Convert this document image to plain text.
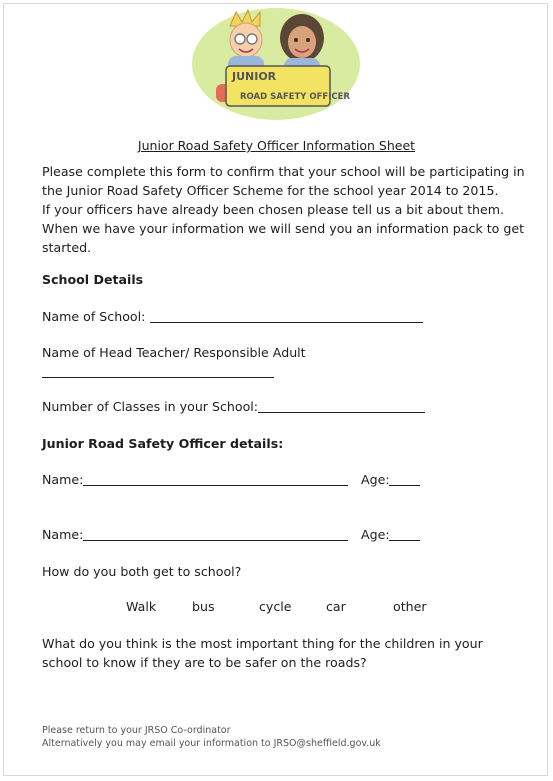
JUNIOR
ROAD SAFETY OFFICER
Junior Road Safety Officer Information Sheet
Please complete this form to confirm that your school will be participating in
the Junior Road Safety Officer Scheme for the school year 2014 to 2015.
If your officers have already been chosen please tell us a bit about them.
When we have your information we will send you an information pack to get
started.
School Details
Name of School:
Name of Head Teacher/ Responsible Adult
Number of Classes in your School:
Junior Road Safety Officer details:
Name:	Age:
Name:	Age:
How do you both get to school?
Walk	bus	cycle	car	other
What do you think is the most important thing for the children in your
school to know if they are to be safer on the roads?
Please return to your JRSO Co-ordinator
Alternatively you may email your information to JRSO@sheffield.gov.uk
